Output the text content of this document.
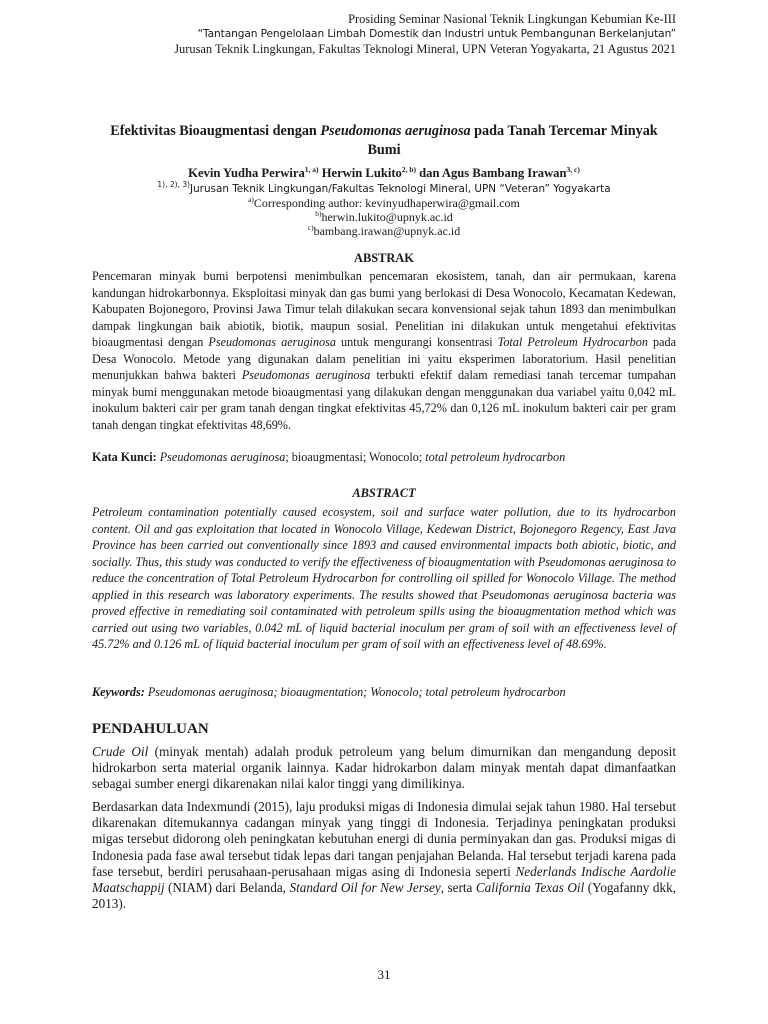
Prosiding Seminar Nasional Teknik Lingkungan Kebumian Ke-III
“Tantangan Pengelolaan Limbah Domestik dan Industri untuk Pembangunan Berkelanjutan”
Jurusan Teknik Lingkungan, Fakultas Teknologi Mineral, UPN Veteran Yogyakarta, 21 Agustus 2021
Efektivitas Bioaugmentasi dengan Pseudomonas aeruginosa pada Tanah Tercemar Minyak Bumi
Kevin Yudha Perwira$^{1, a)}$ Herwin Lukito$^{2, b)}$ dan Agus Bambang Irawan$^{3, c)}$
$^{1), 2), 3)}$Jurusan Teknik Lingkungan/Fakultas Teknologi Mineral, UPN “Veteran” Yogyakarta
$^{a)}$Corresponding author: kevinyudhaperwira@gmail.com
$^{b)}$herwin.lukito@upnyk.ac.id
$^{c)}$bambang.irawan@upnyk.ac.id
ABSTRAK
Pencemaran minyak bumi berpotensi menimbulkan pencemaran ekosistem, tanah, dan air permukaan, karena kandungan hidrokarbonnya. Eksploitasi minyak dan gas bumi yang berlokasi di Desa Wonocolo, Kecamatan Kedewan, Kabupaten Bojonegoro, Provinsi Jawa Timur telah dilakukan secara konvensional sejak tahun 1893 dan menimbulkan dampak lingkungan baik abiotik, biotik, maupun sosial. Penelitian ini dilakukan untuk mengetahui efektivitas bioaugmentasi dengan Pseudomonas aeruginosa untuk mengurangi konsentrasi Total Petroleum Hydrocarbon pada Desa Wonocolo. Metode yang digunakan dalam penelitian ini yaitu eksperimen laboratorium. Hasil penelitian menunjukkan bahwa bakteri Pseudomonas aeruginosa terbukti efektif dalam remediasi tanah tercemar tumpahan minyak bumi menggunakan metode bioaugmentasi yang dilakukan dengan menggunakan dua variabel yaitu 0,042 mL inokulum bakteri cair per gram tanah dengan tingkat efektivitas 45,72% dan 0,126 mL inokulum bakteri cair per gram tanah dengan tingkat efektivitas 48,69%.
Kata Kunci: Pseudomonas aeruginosa; bioaugmentasi; Wonocolo; total petroleum hydrocarbon
ABSTRACT
Petroleum contamination potentially caused ecosystem, soil and surface water pollution, due to its hydrocarbon content. Oil and gas exploitation that located in Wonocolo Village, Kedewan District, Bojonegoro Regency, East Java Province has been carried out conventionally since 1893 and caused environmental impacts both abiotic, biotic, and socially. Thus, this study was conducted to verify the effectiveness of bioaugmentation with Pseudomonas aeruginosa to reduce the concentration of Total Petroleum Hydrocarbon for controlling oil spilled for Wonocolo Village. The method applied in this research was laboratory experiments. The results showed that Pseudomonas aeruginosa bacteria was proved effective in remediating soil contaminated with petroleum spills using the bioaugmentation method which was carried out using two variables, 0.042 mL of liquid bacterial inoculum per gram of soil with an effectiveness level of 45.72% and 0.126 mL of liquid bacterial inoculum per gram of soil with an effectiveness level of 48.69%.
Keywords: Pseudomonas aeruginosa; bioaugmentation; Wonocolo; total petroleum hydrocarbon
PENDAHULUAN
Crude Oil (minyak mentah) adalah produk petroleum yang belum dimurnikan dan mengandung deposit hidrokarbon serta material organik lainnya. Kadar hidrokarbon dalam minyak mentah dapat dimanfaatkan sebagai sumber energi dikarenakan nilai kalor tinggi yang dimilikinya.
Berdasarkan data Indexmundi (2015), laju produksi migas di Indonesia dimulai sejak tahun 1980. Hal tersebut dikarenakan ditemukannya cadangan minyak yang tinggi di Indonesia. Terjadinya peningkatan produksi migas tersebut didorong oleh peningkatan kebutuhan energi di dunia perminyakan dan gas. Produksi migas di Indonesia pada fase awal tersebut tidak lepas dari tangan penjajahan Belanda. Hal tersebut terjadi karena pada fase tersebut, berdiri perusahaan-perusahaan migas asing di Indonesia seperti Nederlands Indische Aardolie Maatschappij (NIAM) dari Belanda, Standard Oil for New Jersey, serta California Texas Oil (Yogafanny dkk, 2013).
31
